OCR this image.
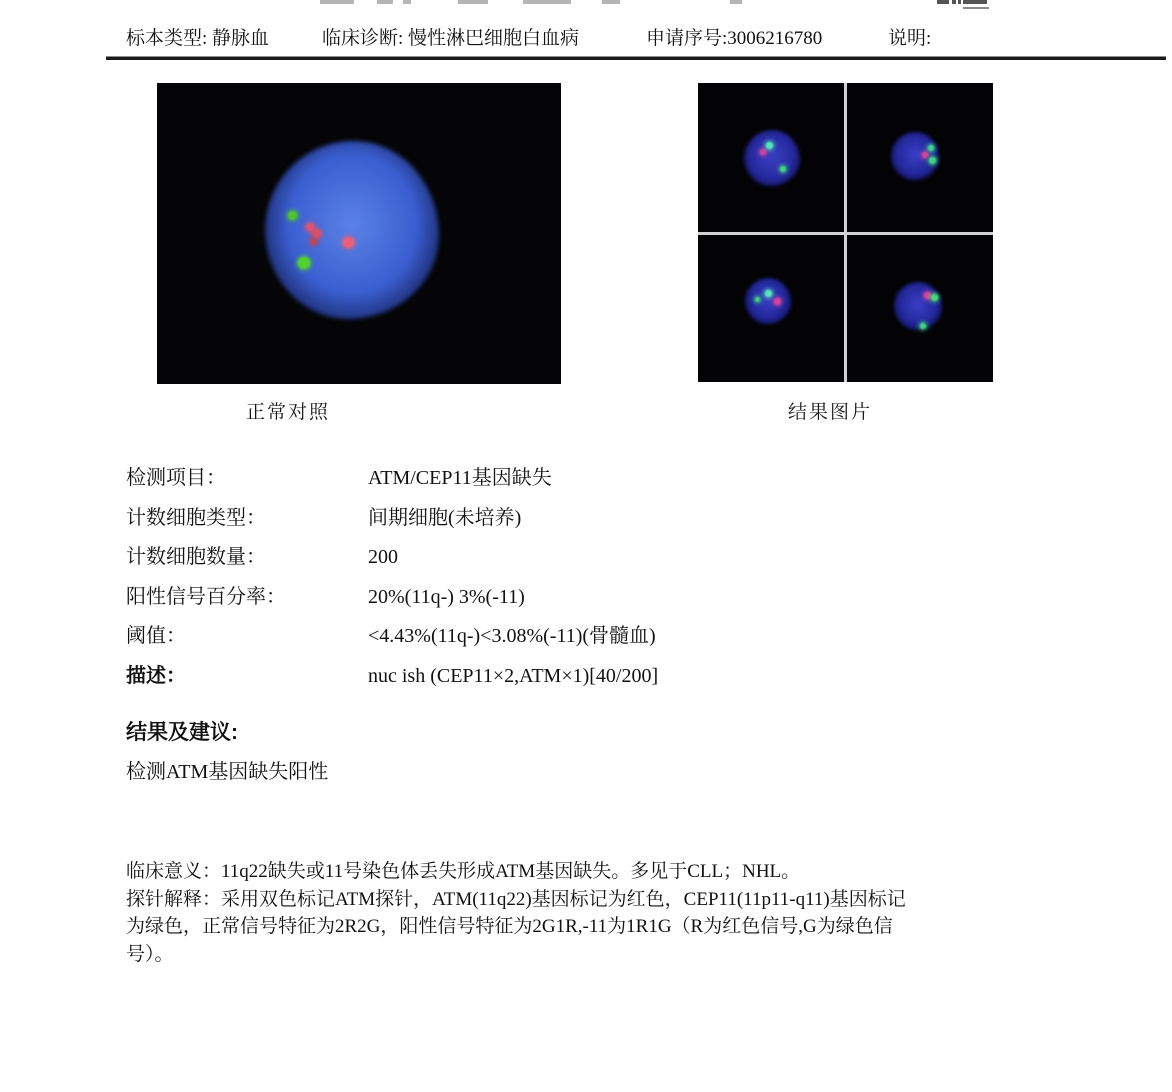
标本类型: 静脉血	临床诊断: 慢性淋巴细胞白血病	申请序号:3006216780	说明:
正常对照	结果图片
检测项目：	ATM/CEP11基因缺失
计数细胞类型：	间期细胞(未培养)
计数细胞数量：	200
阳性信号百分率：	20%(11q-) 3%(-11)
阈值：	<4.43%(11q-)<3.08%(-11)(骨髓血)
描述：	nuc ish (CEP11×2,ATM×1)[40/200]
结果及建议:
检测ATM基因缺失阳性
临床意义：11q22缺失或11号染色体丢失形成ATM基因缺失。多见于CLL；NHL。
探针解释：采用双色标记ATM探针，ATM(11q22)基因标记为红色，CEP11(11p11-q11)基因标记
为绿色，正常信号特征为2R2G，阳性信号特征为2G1R,-11为1R1G（R为红色信号,G为绿色信
号）。
